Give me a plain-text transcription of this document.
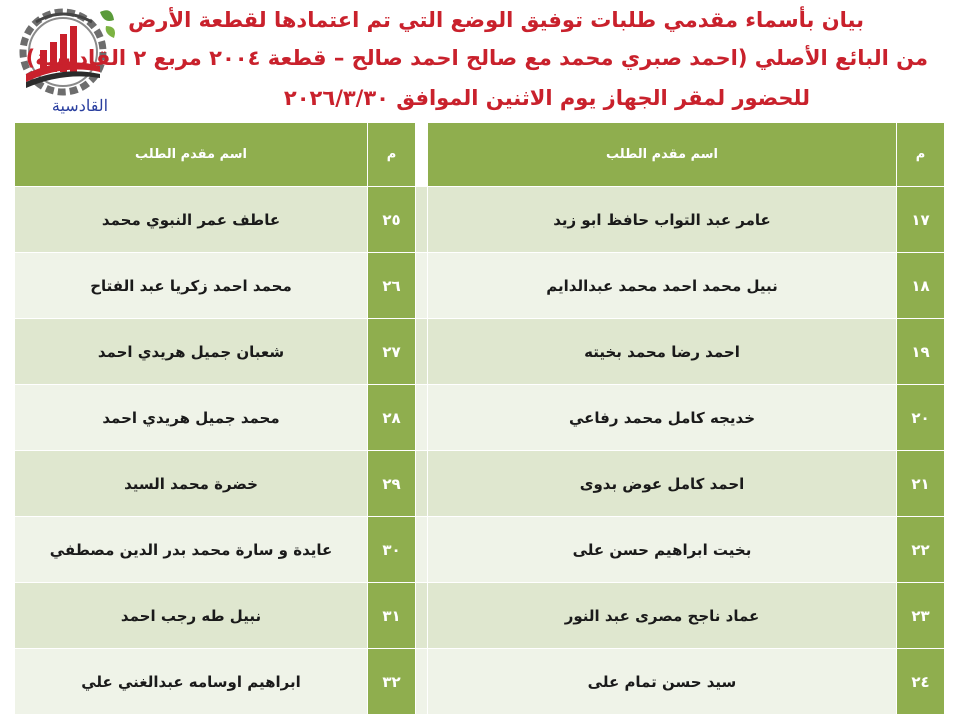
القادسية
بيان بأسماء مقدمي طلبات توفيق الوضع التي تم اعتمادها لقطعة الأرض
من البائع الأصلي (احمد صبري محمد مع صالح احمد صالح – قطعة ٢٠٠٤ مربع ٢ القادسية)
للحضور لمقر الجهاز يوم الاثنين الموافق ٢٠٢٦/٣/٣٠
م	اسم مقدم الطلب		م	اسم مقدم الطلب
١٧	عامر عبد التواب حافظ ابو زيد		٢٥	عاطف عمر النبوي محمد
١٨	نبيل محمد احمد محمد عبدالدايم		٢٦	محمد احمد زكريا عبد الفتاح
١٩	احمد رضا محمد بخيته		٢٧	شعبان جميل هريدي احمد
٢٠	خديجه كامل محمد رفاعي		٢٨	محمد جميل هريدي احمد
٢١	احمد كامل عوض بدوى		٢٩	خضرة محمد السيد
٢٢	بخيت ابراهيم حسن على		٣٠	عايدة و سارة محمد بدر الدين مصطفي
٢٣	عماد ناجح مصرى عبد النور		٣١	نبيل طه رجب احمد
٢٤	سيد حسن تمام على		٣٢	ابراهيم اوسامه عبدالغني علي
